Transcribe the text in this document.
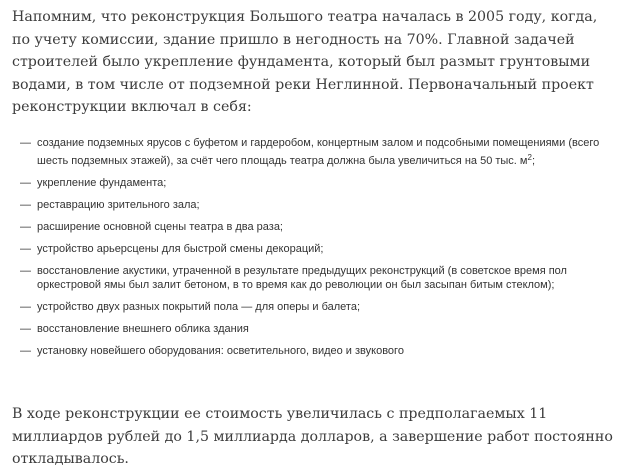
Напомним, что реконструкция Большого театра началась в 2005 году, когда, по учету комиссии, здание пришло в негодность на 70%. Главной задачей строителей было укрепление фундамента, который был размыт грунтовыми водами, в том числе от подземной реки Неглинной. Первоначальный проект реконструкции включал в себя:

— создание подземных ярусов с буфетом и гардеробом, концертным залом и подсобными помещениями (всего шесть подземных этажей), за счёт чего площадь театра должна была увеличиться на 50 тыс. $м^2$;
— укрепление фундамента;
— реставрацию зрительного зала;
— расширение основной сцены театра в два раза;
— устройство арьерсцены для быстрой смены декораций;
— восстановление акустики, утраченной в результате предыдущих реконструкций (в советское время пол оркестровой ямы был залит бетоном, в то время как до революции он был засыпан битым стеклом);
— устройство двух разных покрытий пола — для оперы и балета;
— восстановление внешнего облика здания
— установку новейшего оборудования: осветительного, видео и звукового

В ходе реконструкции ее стоимость увеличилась с предполагаемых 11 миллиардов рублей до 1,5 миллиарда долларов, а завершение работ постоянно откладывалось.
